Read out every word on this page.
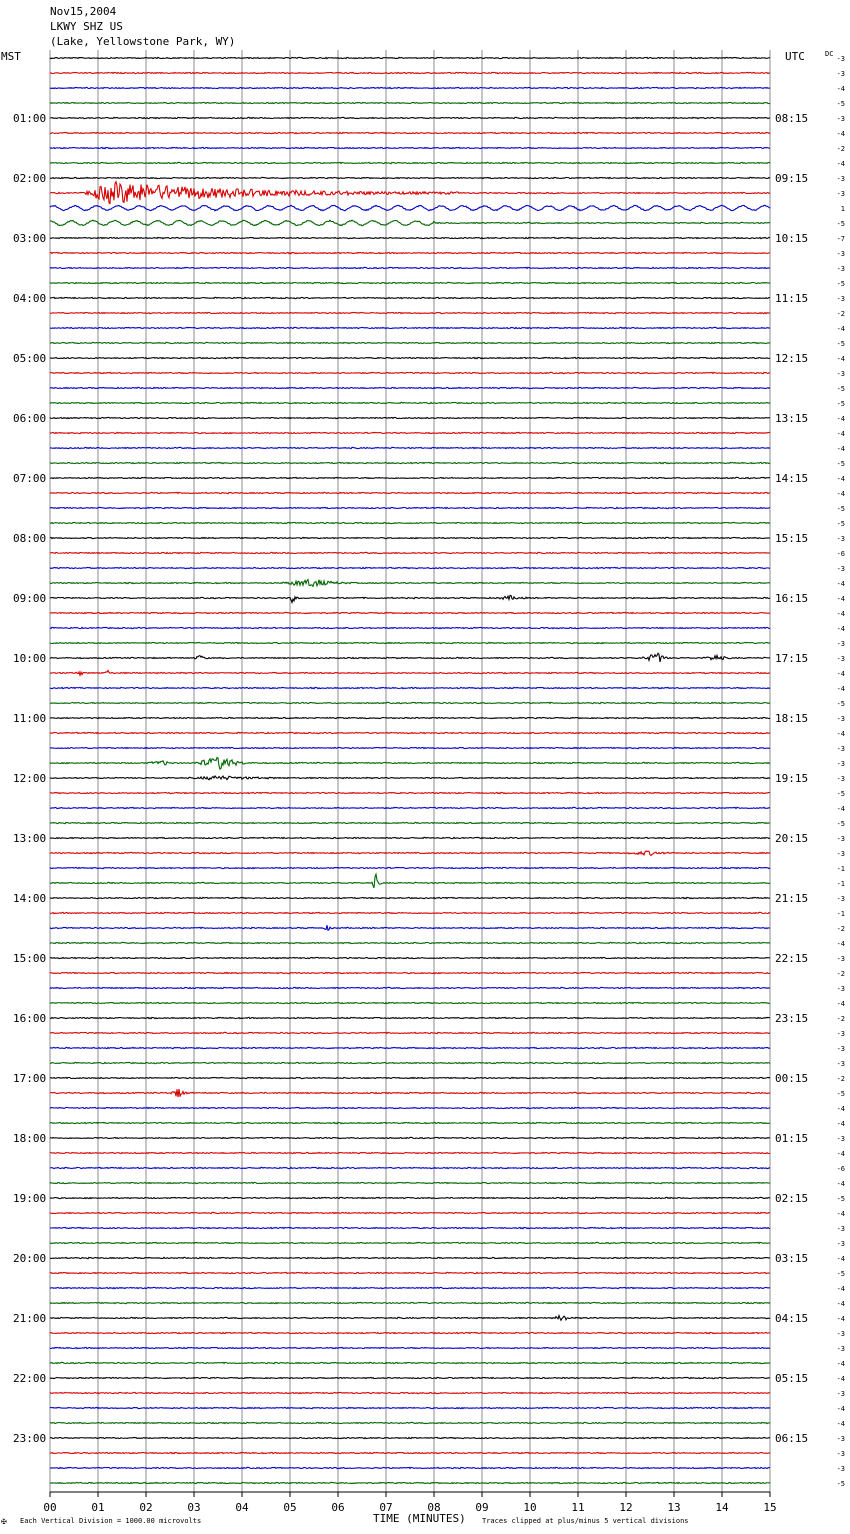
Nov15,2004
LKWY SHZ US
(Lake, Yellowstone Park, WY)
01:00
02:00
03:00
04:00
05:00
06:00
07:00
08:00
09:00
10:00
11:00
12:00
13:00
14:00
15:00
16:00
17:00
18:00
19:00
20:00
21:00
22:00
23:00
08:15
09:15
10:15
11:15
12:15
13:15
14:15
15:15
16:15
17:15
18:15
19:15
20:15
21:15
22:15
23:15
00:15
01:15
02:15
03:15
04:15
05:15
06:15
-3
-3
-4
-5
-3
-4
-2
-4
-3
-3
1
-5
-7
-3
-3
-5
-3
-2
-4
-5
-4
-3
-5
-5
-4
-4
-4
-5
-4
-4
-5
-5
-3
-6
-3
-4
-4
-4
-4
-3
-3
-4
-4
-5
-3
-4
-3
-3
-3
-5
-4
-5
-3
-3
-1
-1
-3
-1
-2
-4
-3
-2
-3
-4
-2
-3
-3
-3
-2
-5
-4
-4
-3
-4
-6
-4
-5
-4
-3
-3
-4
-5
-4
-4
-4
-3
-3
-4
-4
-3
-4
-4
-3
-3
-3
-5
00	01	02	03	04	05	06	07	08	09	10	11	12	13	14	15
MST	UTC	DC
TIME (MINUTES)
Each Vertical Division = 1000.00 microvolts	Traces clipped at plus/minus 5 vertical divisions
✠
